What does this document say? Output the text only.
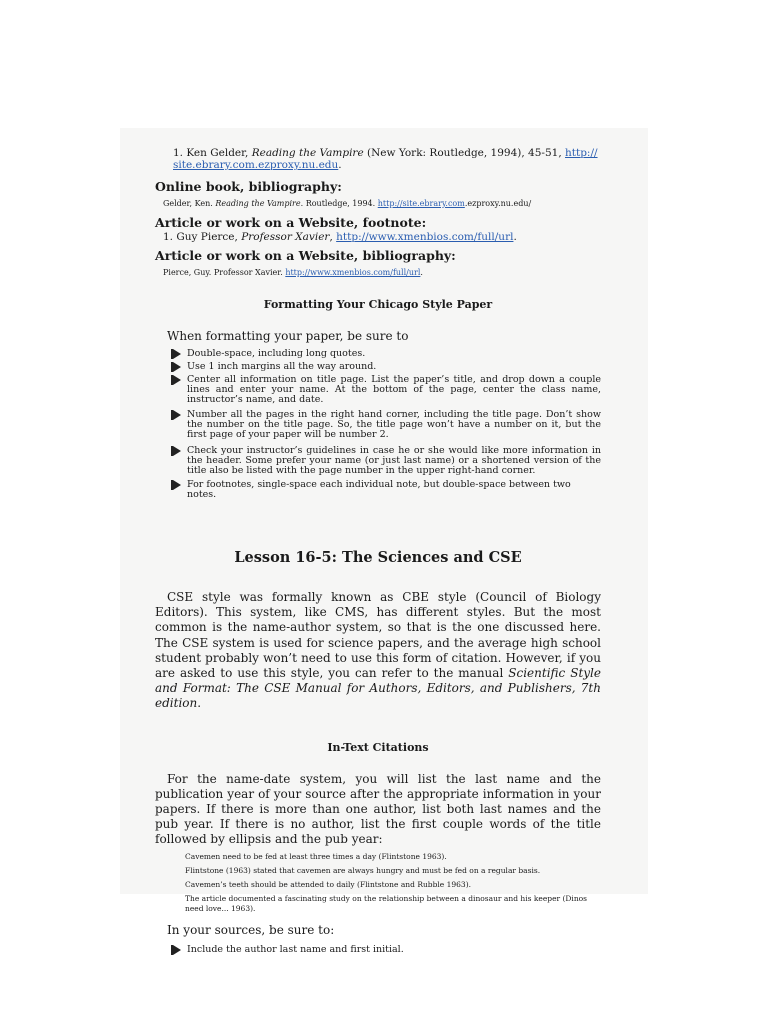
1. Ken Gelder, Reading the Vampire (New York: Routledge, 1994), 45-51, http://
site.ebrary.com.ezproxy.nu.edu.

Online book, bibliography:

Gelder, Ken. Reading the Vampire. Routledge, 1994. http://site.ebrary.com.ezproxy.nu.edu/

Article or work on a Website, footnote:

1. Guy Pierce, Professor Xavier, http://www.xmenbios.com/full/url.

Article or work on a Website, bibliography:

Pierce, Guy. Professor Xavier. http://www.xmenbios.com/full/url.

Formatting Your Chicago Style Paper

When formatting your paper, be sure to

Double-space, including long quotes.
Use 1 inch margins all the way around.
Center all information on title page. List the paper’s title, and drop down a couple lines and enter your name. At the bottom of the page, center the class name, instructor’s name, and date.
Number all the pages in the right hand corner, including the title page. Don’t show the number on the title page. So, the title page won’t have a number on it, but the first page of your paper will be number 2.
Check your instructor’s guidelines in case he or she would like more information in the header. Some prefer your name (or just last name) or a shortened version of the title also be listed with the page number in the upper right-hand corner.
For footnotes, single-space each individual note, but double-space between two notes.
Lesson 16-5: The Sciences and CSE

CSE style was formally known as CBE style (Council of Biology Editors). This system, like CMS, has different styles. But the most common is the name-author system, so that is the one discussed here. The CSE system is used for science papers, and the average high school student probably won’t need to use this form of citation. However, if you are asked to use this style, you can refer to the manual Scientific Style and Format: The CSE Manual for Authors, Editors, and Publishers, 7th edition.

In-Text Citations

For the name-date system, you will list the last name and the publication year of your source after the appropriate information in your papers. If there is more than one author, list both last names and the pub year. If there is no author, list the first couple words of the title followed by ellipsis and the pub year:

Cavemen need to be fed at least three times a day (Flintstone 1963).

Flintstone (1963) stated that cavemen are always hungry and must be fed on a regular basis.

Cavemen’s teeth should be attended to daily (Flintstone and Rubble 1963).

The article documented a fascinating study on the relationship between a dinosaur and his keeper (Dinos need love... 1963).

In your sources, be sure to:

Include the author last name and first initial.
